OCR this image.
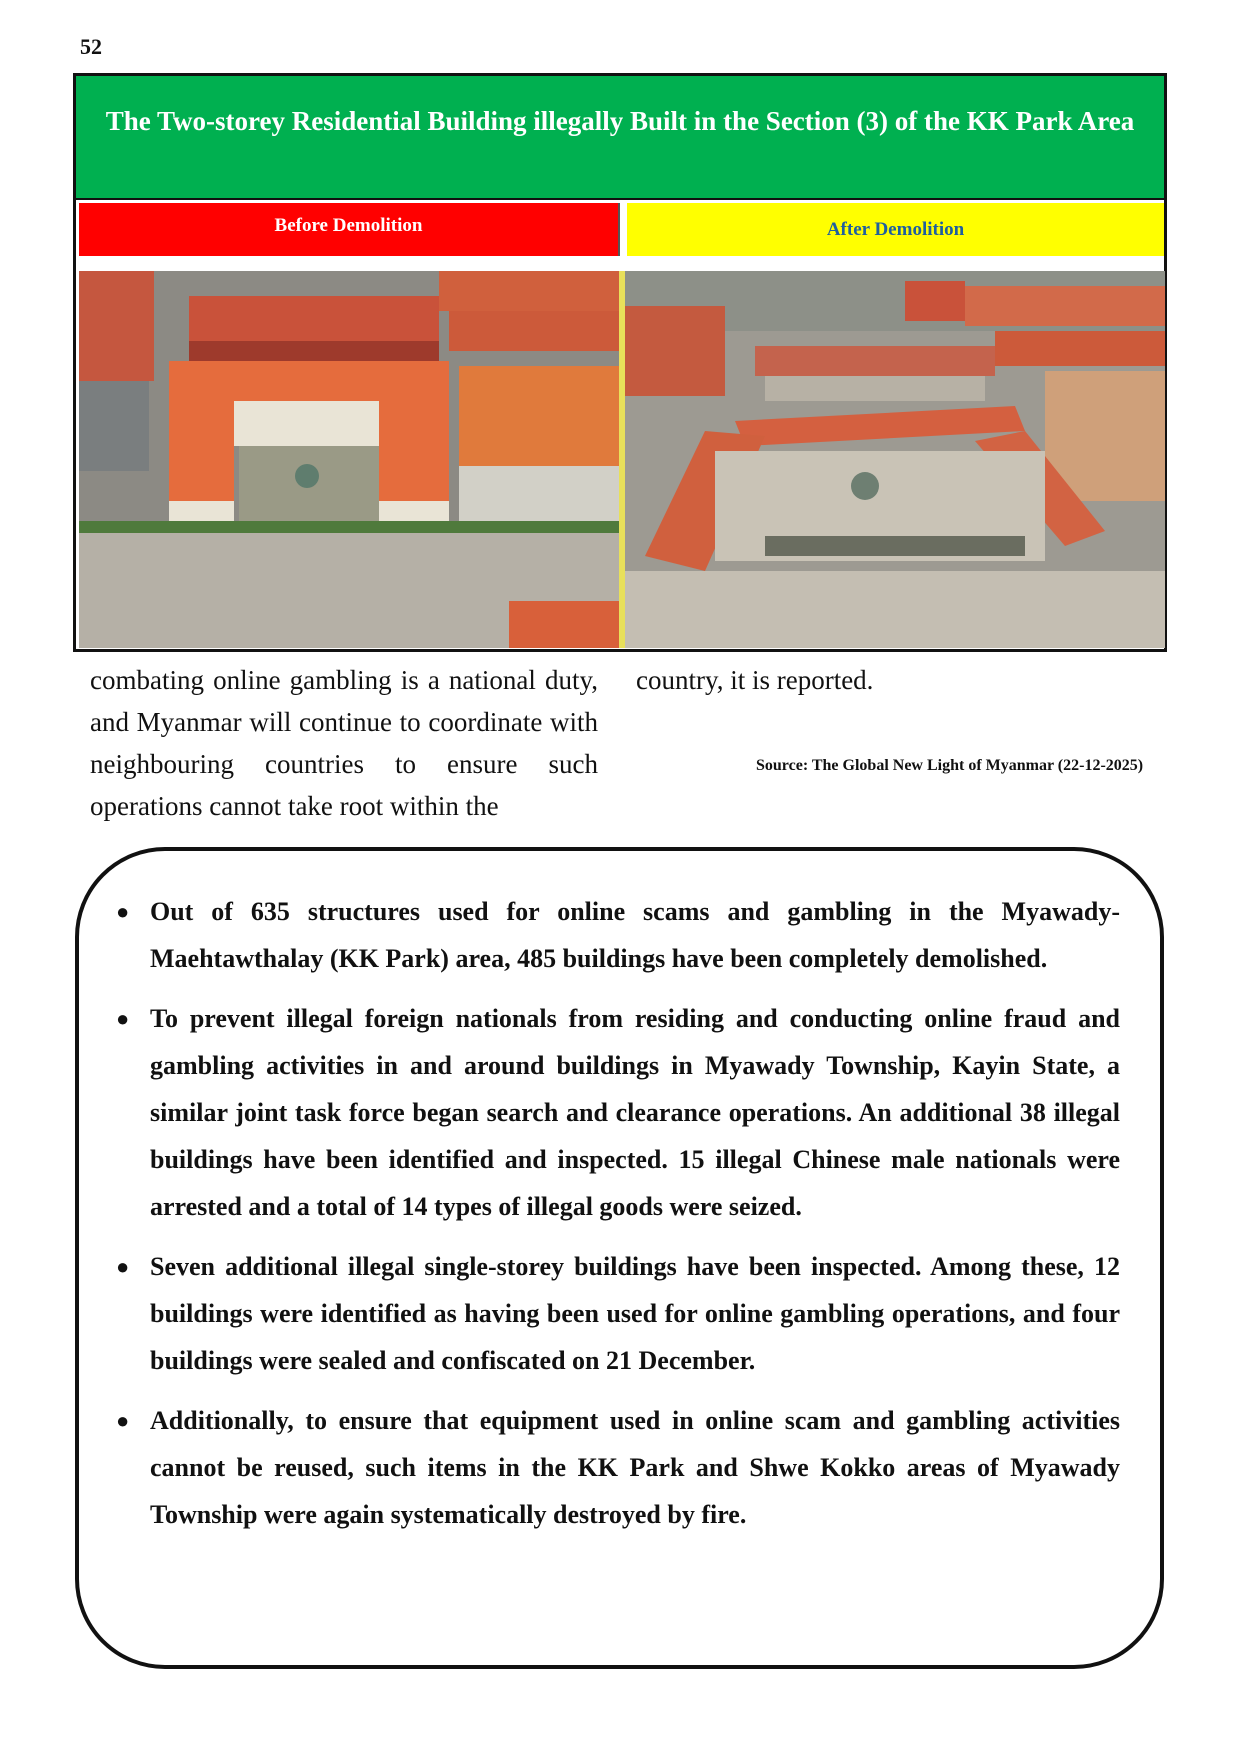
52
The Two-storey Residential Building illegally Built in the Section (3) of the KK Park Area
Before Demolition	After Demolition

combating online gambling is a national duty, and Myanmar will continue to coordinate with neighbouring countries to ensure such operations cannot take root within the

country, it is reported.
Source: The Global New Light of Myanmar (22-12-2025)
● Out of 635 structures used for online scams and gambling in the Myawady-Maehtawthalay (KK Park) area, 485 buildings have been completely demolished.
● To prevent illegal foreign nationals from residing and conducting online fraud and gambling activities in and around buildings in Myawady Township, Kayin State, a similar joint task force began search and clearance operations. An additional 38 illegal buildings have been identified and inspected. 15 illegal Chinese male nationals were arrested and a total of 14 types of illegal goods were seized.
● Seven additional illegal single-storey buildings have been inspected. Among these, 12 buildings were identified as having been used for online gambling operations, and four buildings were sealed and confiscated on 21 December.
● Additionally, to ensure that equipment used in online scam and gambling activities cannot be reused, such items in the KK Park and Shwe Kokko areas of Myawady Township were again systematically destroyed by fire.
